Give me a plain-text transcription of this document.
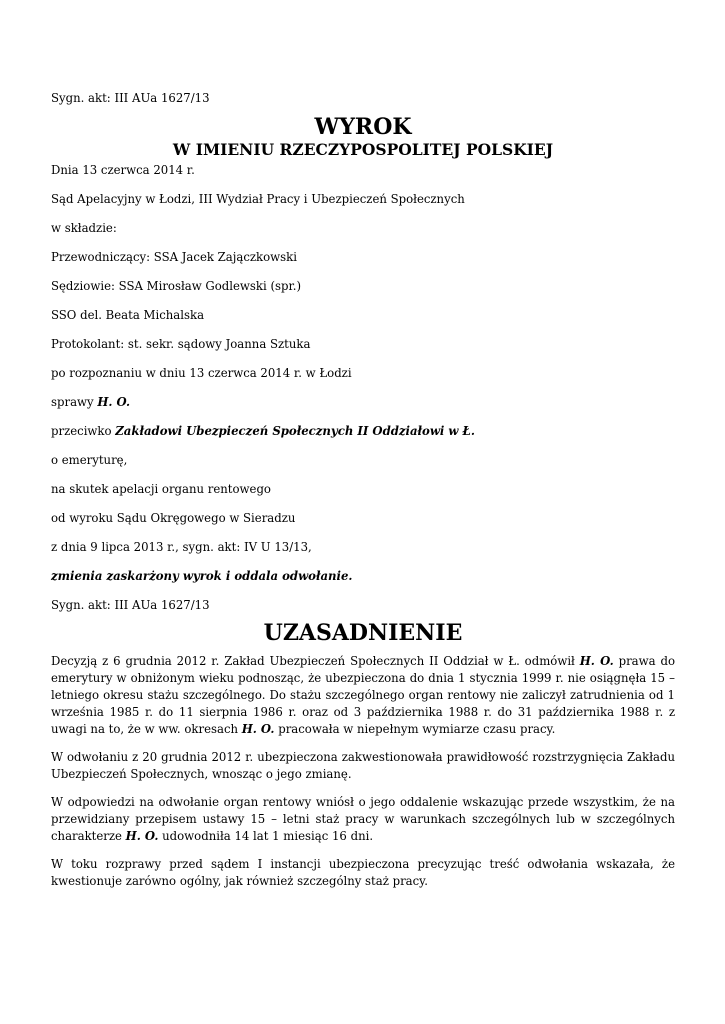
Sygn. akt: III AUa 1627/13

WYROK
W IMIENIU RZECZYPOSPOLITEJ POLSKIEJ

Dnia 13 czerwca 2014 r.

Sąd Apelacyjny w Łodzi, III Wydział Pracy i Ubezpieczeń Społecznych

w składzie:

Przewodniczący: SSA Jacek Zajączkowski

Sędziowie: SSA Mirosław Godlewski (spr.)

SSO del. Beata Michalska

Protokolant: st. sekr. sądowy Joanna Sztuka

po rozpoznaniu w dniu 13 czerwca 2014 r. w Łodzi

sprawy H. O.

przeciwko Zakładowi Ubezpieczeń Społecznych II Oddziałowi w Ł.

o emeryturę,

na skutek apelacji organu rentowego

od wyroku Sądu Okręgowego w Sieradzu

z dnia 9 lipca 2013 r., sygn. akt: IV U 13/13,

zmienia zaskarżony wyrok i oddala odwołanie.

Sygn. akt: III AUa 1627/13

UZASADNIENIE

Decyzją z 6 grudnia 2012 r. Zakład Ubezpieczeń Społecznych II Oddział w Ł. odmówił H. O. prawa do emerytury w obniżonym wieku podnosząc, że ubezpieczona do dnia 1 stycznia 1999 r. nie osiągnęła 15 – letniego okresu stażu szczególnego. Do stażu szczególnego organ rentowy nie zaliczył zatrudnienia od 1 września 1985 r. do 11 sierpnia 1986 r. oraz od 3 października 1988 r. do 31 października 1988 r. z uwagi na to, że w ww. okresach H. O. pracowała w niepełnym wymiarze czasu pracy.

W odwołaniu z 20 grudnia 2012 r. ubezpieczona zakwestionowała prawidłowość rozstrzygnięcia Zakładu Ubezpieczeń Społecznych, wnosząc o jego zmianę.

W odpowiedzi na odwołanie organ rentowy wniósł o jego oddalenie wskazując przede wszystkim, że na przewidziany przepisem ustawy 15 – letni staż pracy w warunkach szczególnych lub w szczególnych charakterze H. O. udowodniła 14 lat 1 miesiąc 16 dni.

W toku rozprawy przed sądem I instancji ubezpieczona precyzując treść odwołania wskazała, że kwestionuje zarówno ogólny, jak również szczególny staż pracy.
